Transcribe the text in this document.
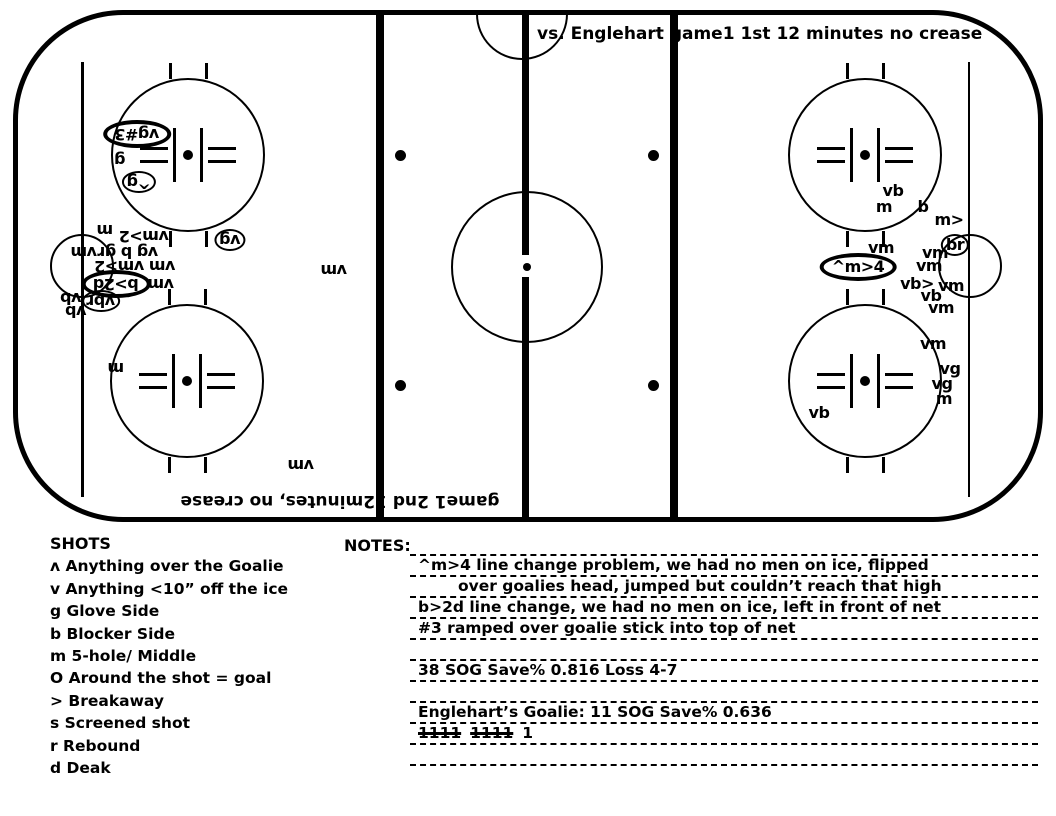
vb
m b
m>
vm	br
vm
vm
^m>4
vb> vm
vb
vm
vm
vg
vg
m
vb
vg#3
g
^g
vg
m vm>2
vm vg b gr
vm vm>2
b>2d vm
vb vbr
vb
m
vm
vm
vs. Englehart game1 1st 12 minutes no crease
game1 2nd 12minutes, no crease
SHOTS
ʌ Anything over the Goalie
v Anything <10” off the ice
g Glove Side
b Blocker Side
m 5-hole/ Middle
O Around the shot = goal
> Breakaway
s Screened shot
r Rebound
d Deak
NOTES:
^m>4 line change problem, we had no men on ice, flipped
over goalies head, jumped but couldn’t reach that high
b>2d line change, we had no men on ice, left in front of net
#3 ramped over goalie stick into top of net
38 SOG Save% 0.816 Loss 4-7
Englehart’s Goalie: 11 SOG Save% 0.636
1111 1111 1
